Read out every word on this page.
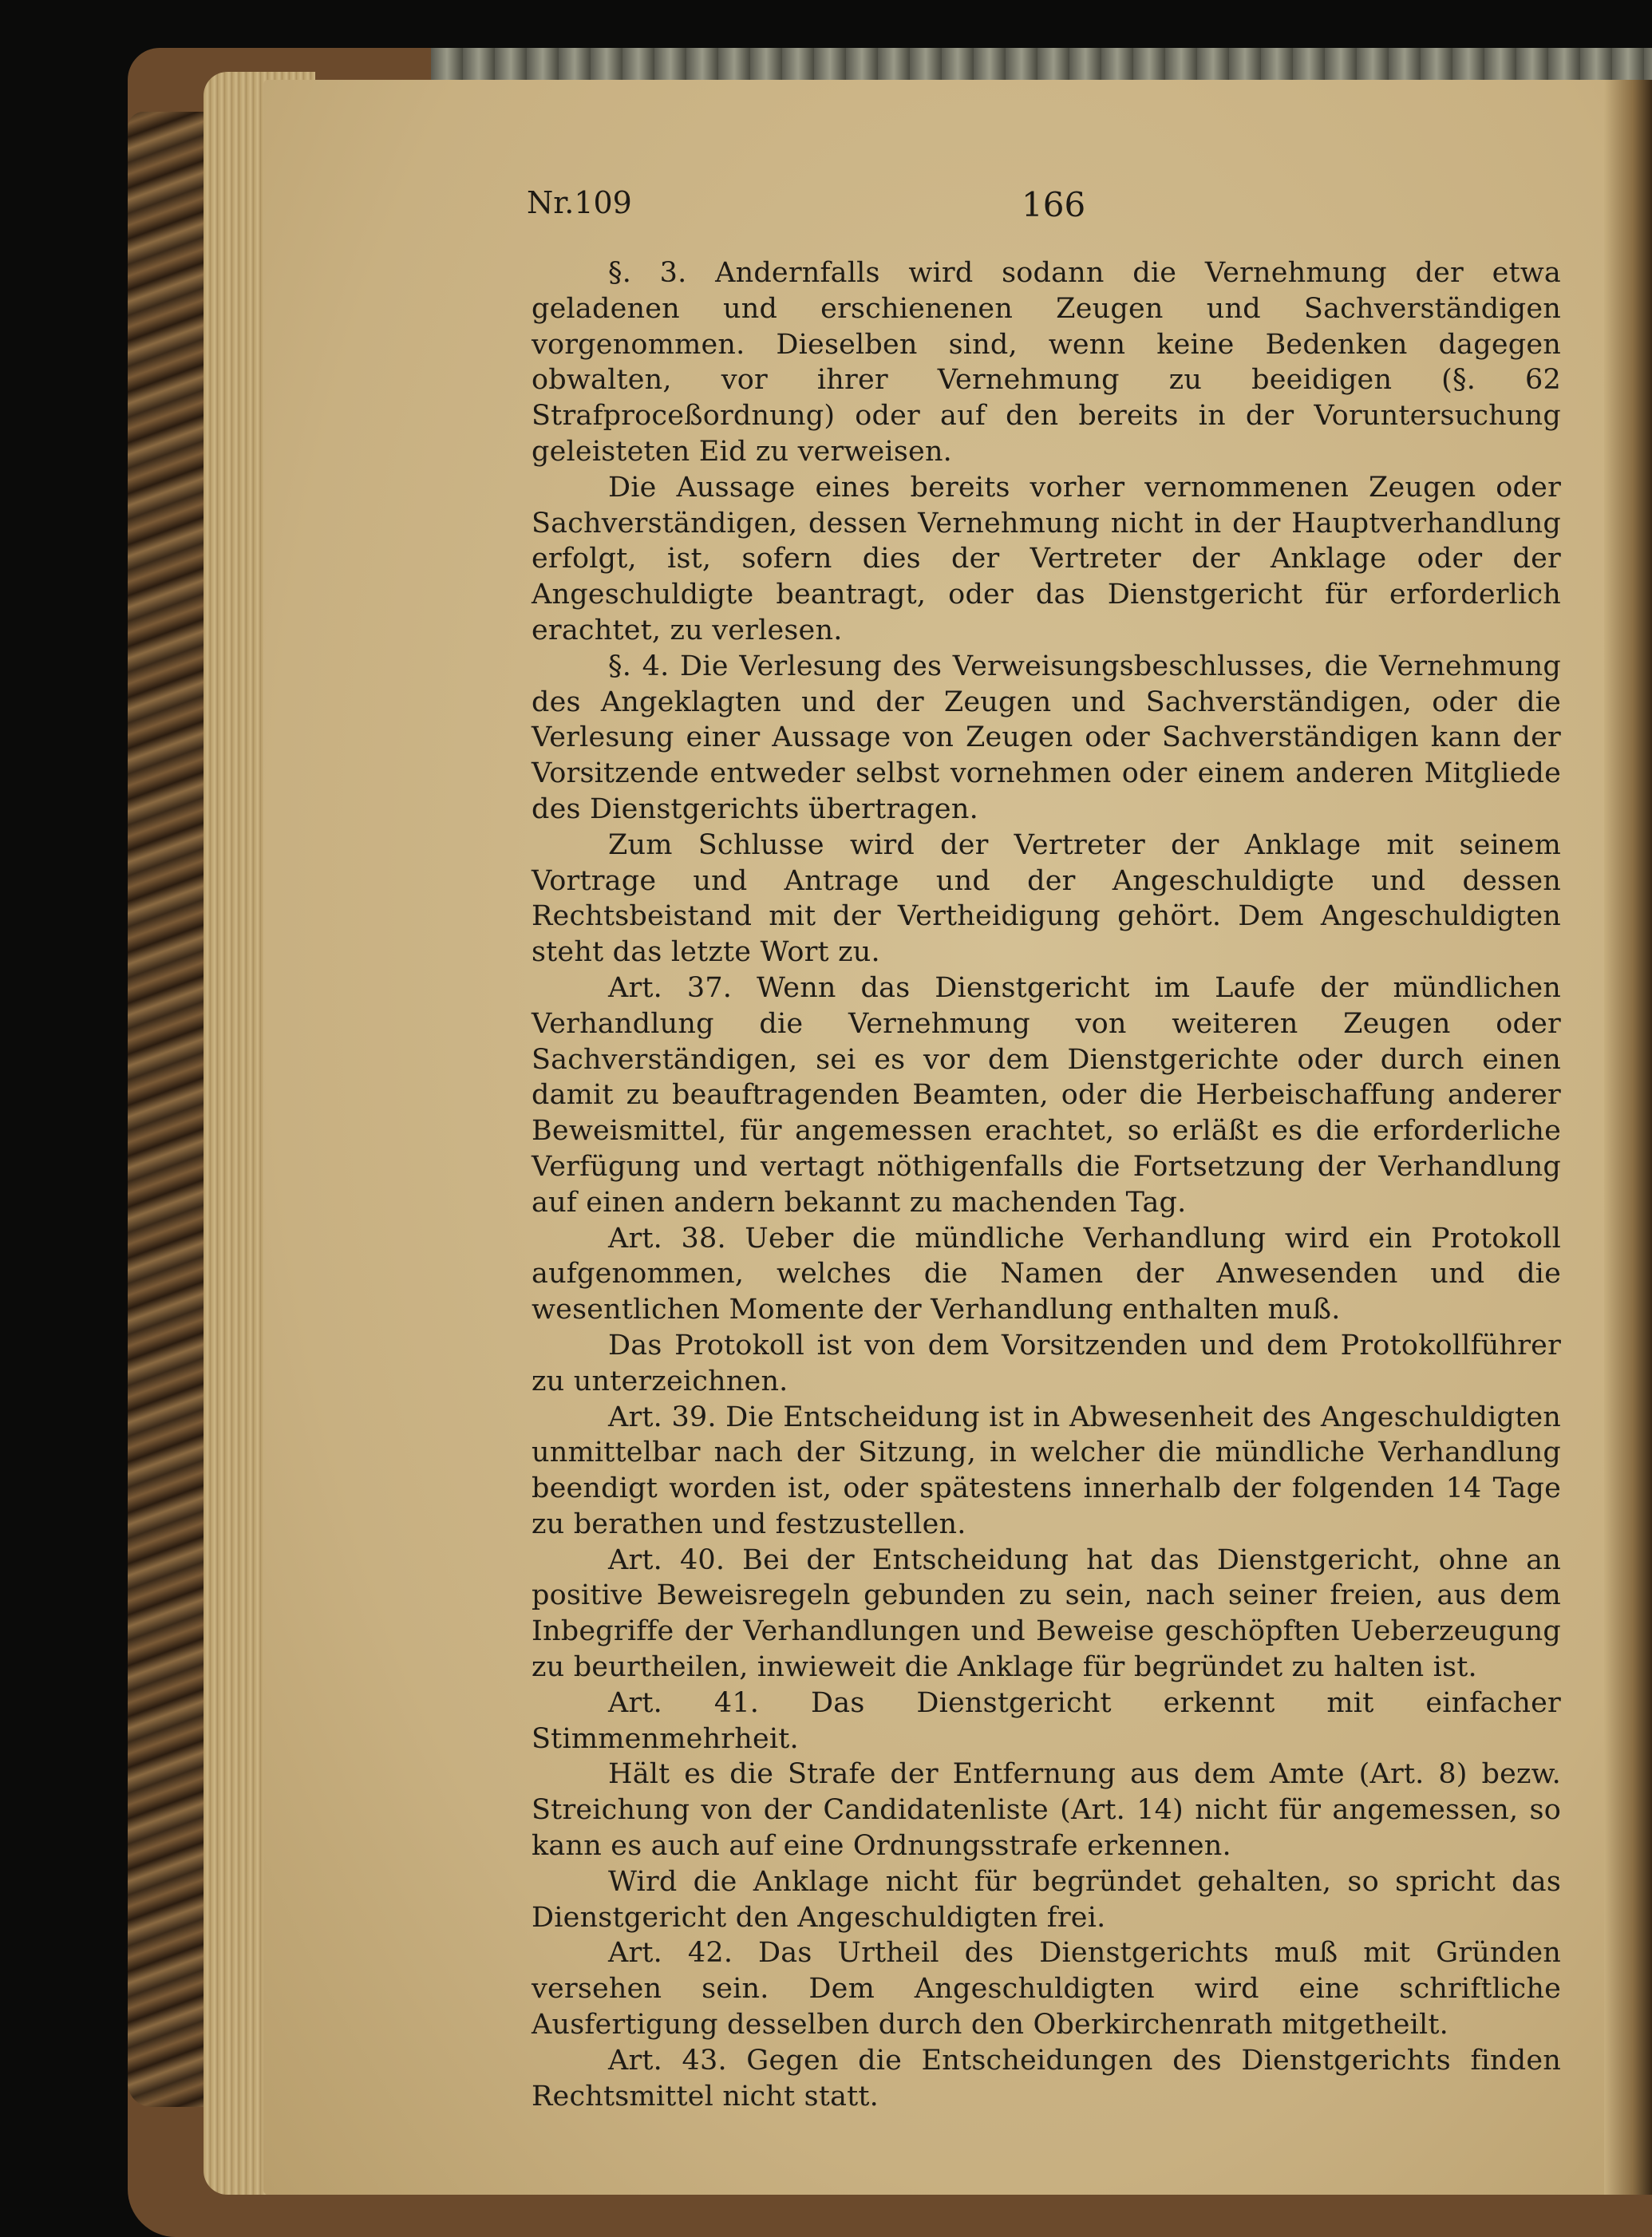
Nr.109	166

§. 3. Andernfalls wird sodann die Vernehmung der etwa geladenen und erschienenen Zeugen und Sachverständigen vorgenommen. Dieselben sind, wenn keine Bedenken dagegen obwalten, vor ihrer Vernehmung zu beeidigen (§. 62 Strafproceßordnung) oder auf den bereits in der Voruntersuchung geleisteten Eid zu verweisen.

Die Aussage eines bereits vorher vernommenen Zeugen oder Sachverständigen, dessen Vernehmung nicht in der Hauptverhandlung erfolgt, ist, sofern dies der Vertreter der Anklage oder der Angeschuldigte beantragt, oder das Dienstgericht für erforderlich erachtet, zu verlesen.

§. 4. Die Verlesung des Verweisungsbeschlusses, die Vernehmung des Angeklagten und der Zeugen und Sachverständigen, oder die Verlesung einer Aussage von Zeugen oder Sachverständigen kann der Vorsitzende entweder selbst vornehmen oder einem anderen Mitgliede des Dienstgerichts übertragen.

Zum Schlusse wird der Vertreter der Anklage mit seinem Vortrage und Antrage und der Angeschuldigte und dessen Rechtsbeistand mit der Vertheidigung gehört. Dem Angeschuldigten steht das letzte Wort zu.

Art. 37. Wenn das Dienstgericht im Laufe der mündlichen Verhandlung die Vernehmung von weiteren Zeugen oder Sachverständigen, sei es vor dem Dienstgerichte oder durch einen damit zu beauftragenden Beamten, oder die Herbeischaffung anderer Beweismittel, für angemessen erachtet, so erläßt es die erforderliche Verfügung und vertagt nöthigenfalls die Fortsetzung der Verhandlung auf einen andern bekannt zu machenden Tag.

Art. 38. Ueber die mündliche Verhandlung wird ein Protokoll aufgenommen, welches die Namen der Anwesenden und die wesentlichen Momente der Verhandlung enthalten muß.

Das Protokoll ist von dem Vorsitzenden und dem Protokollführer zu unterzeichnen.

Art. 39. Die Entscheidung ist in Abwesenheit des Angeschuldigten unmittelbar nach der Sitzung, in welcher die mündliche Verhandlung beendigt worden ist, oder spätestens innerhalb der folgenden 14 Tage zu berathen und festzustellen.

Art. 40. Bei der Entscheidung hat das Dienstgericht, ohne an positive Beweisregeln gebunden zu sein, nach seiner freien, aus dem Inbegriffe der Verhandlungen und Beweise geschöpften Ueberzeugung zu beurtheilen, inwieweit die Anklage für begründet zu halten ist.

Art. 41. Das Dienstgericht erkennt mit einfacher Stimmenmehrheit.

Hält es die Strafe der Entfernung aus dem Amte (Art. 8) bezw. Streichung von der Candidatenliste (Art. 14) nicht für angemessen, so kann es auch auf eine Ordnungsstrafe erkennen.

Wird die Anklage nicht für begründet gehalten, so spricht das Dienstgericht den Angeschuldigten frei.

Art. 42. Das Urtheil des Dienstgerichts muß mit Gründen versehen sein. Dem Angeschuldigten wird eine schriftliche Ausfertigung desselben durch den Oberkirchenrath mitgetheilt.

Art. 43. Gegen die Entscheidungen des Dienstgerichts finden Rechtsmittel nicht statt.
